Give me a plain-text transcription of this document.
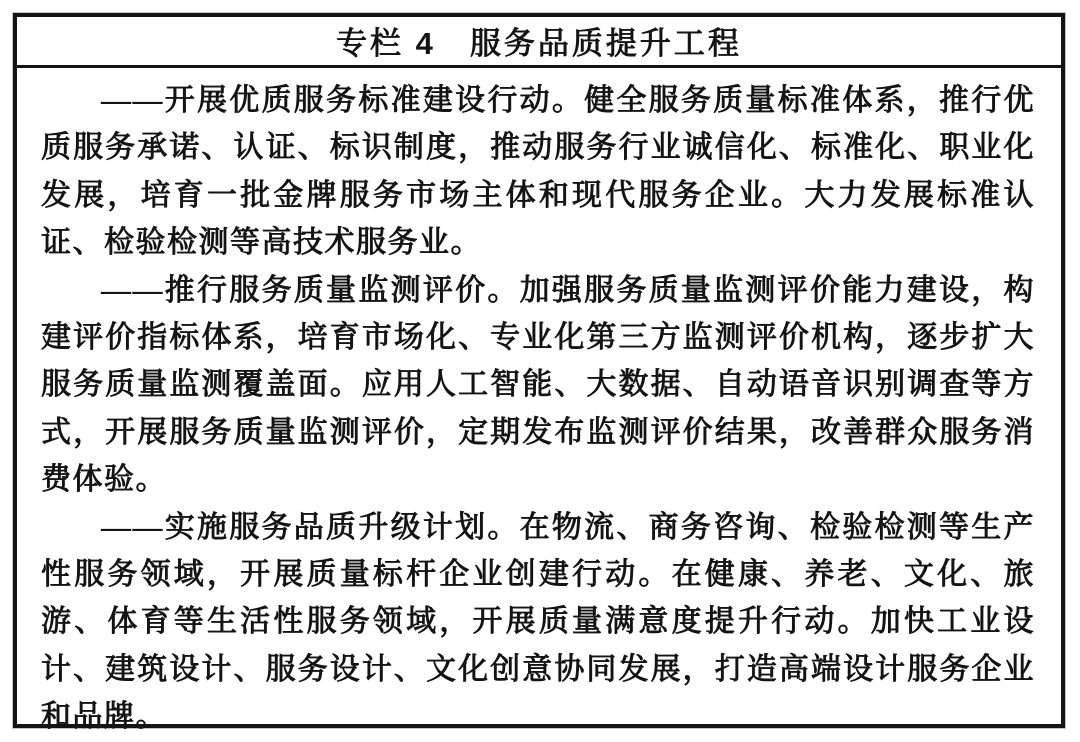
专栏 4　服务品质提升工程

——开展优质服务标准建设行动。健全服务质量标准体系，推行优质服务承诺、认证、标识制度，推动服务行业诚信化、标准化、职业化发展，培育一批金牌服务市场主体和现代服务企业。大力发展标准认证、检验检测等高技术服务业。

——推行服务质量监测评价。加强服务质量监测评价能力建设，构建评价指标体系，培育市场化、专业化第三方监测评价机构，逐步扩大服务质量监测覆盖面。应用人工智能、大数据、自动语音识别调查等方式，开展服务质量监测评价，定期发布监测评价结果，改善群众服务消费体验。

——实施服务品质升级计划。在物流、商务咨询、检验检测等生产性服务领域，开展质量标杆企业创建行动。在健康、养老、文化、旅游、体育等生活性服务领域，开展质量满意度提升行动。加快工业设计、建筑设计、服务设计、文化创意协同发展，打造高端设计服务企业和品牌。
